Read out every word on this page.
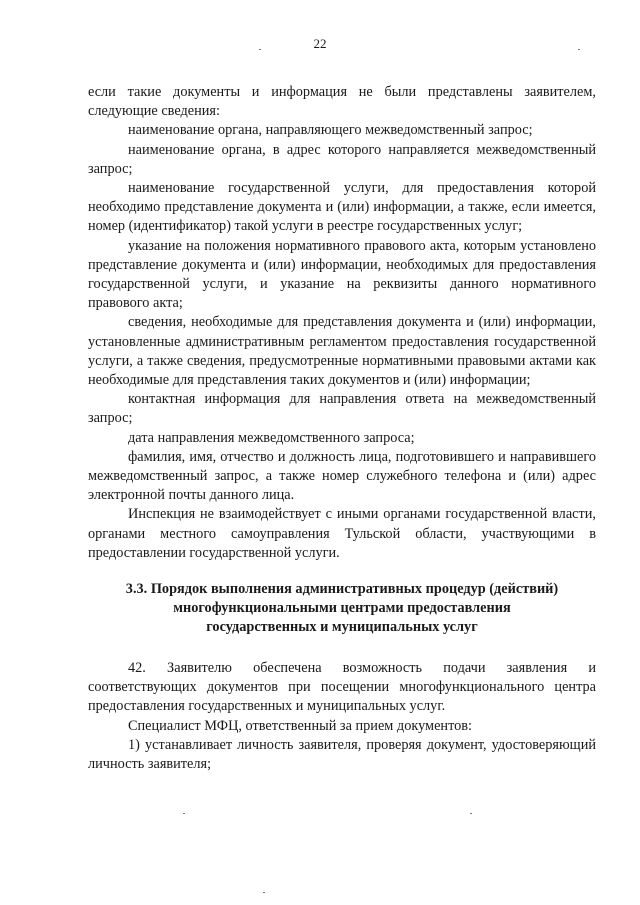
22

если такие документы и информация не были представлены заявителем, следующие сведения:

наименование органа, направляющего межведомственный запрос;

наименование органа, в адрес которого направляется межведомственный запрос;

наименование государственной услуги, для предоставления которой необходимо представление документа и (или) информации, а также, если имеется, номер (идентификатор) такой услуги в реестре государственных услуг;

указание на положения нормативного правового акта, которым установлено представление документа и (или) информации, необходимых для предоставления государственной услуги, и указание на реквизиты данного нормативного правового акта;

сведения, необходимые для представления документа и (или) информации, установленные административным регламентом предоставления государственной услуги, а также сведения, предусмотренные нормативными правовыми актами как необходимые для представления таких документов и (или) информации;

контактная информация для направления ответа на межведомственный запрос;

дата направления межведомственного запроса;

фамилия, имя, отчество и должность лица, подготовившего и направившего межведомственный запрос, а также номер служебного телефона и (или) адрес электронной почты данного лица.

Инспекция не взаимодействует с иными органами государственной власти, органами местного самоуправления Тульской области, участвующими в предоставлении государственной услуги.

3.3. Порядок выполнения административных процедур (действий)
многофункциональными центрами предоставления
государственных и муниципальных услуг

42. Заявителю обеспечена возможность подачи заявления и соответствующих документов при посещении многофункционального центра предоставления государственных и муниципальных услуг.

Специалист МФЦ, ответственный за прием документов:

1) устанавливает личность заявителя, проверяя документ, удостоверяющий личность заявителя;
